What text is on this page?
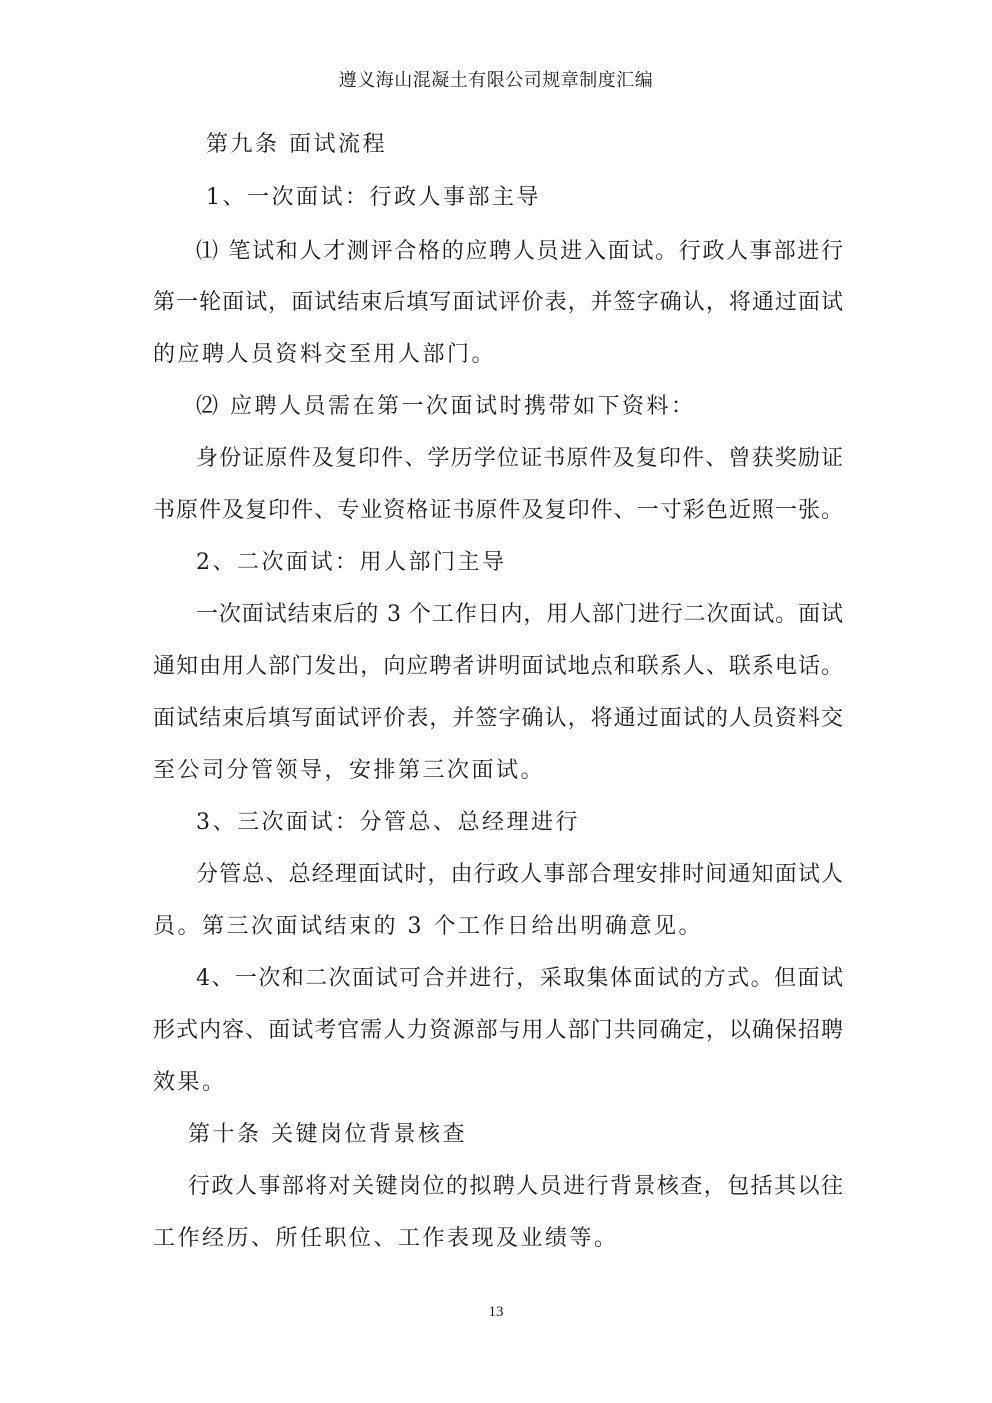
遵义海山混凝土有限公司规章制度汇编
第九条 面试流程
1、一次面试：行政人事部主导
⑴ 笔试和人才测评合格的应聘人员进入面试。行政人事部进行
第一轮面试，面试结束后填写面试评价表，并签字确认，将通过面试
的应聘人员资料交至用人部门。
⑵ 应聘人员需在第一次面试时携带如下资料：
身份证原件及复印件、学历学位证书原件及复印件、曾获奖励证
书原件及复印件、专业资格证书原件及复印件、一寸彩色近照一张。
2、二次面试：用人部门主导
一次面试结束后的 3 个工作日内，用人部门进行二次面试。面试
通知由用人部门发出，向应聘者讲明面试地点和联系人、联系电话。
面试结束后填写面试评价表，并签字确认，将通过面试的人员资料交
至公司分管领导，安排第三次面试。
3、三次面试：分管总、总经理进行
分管总、总经理面试时，由行政人事部合理安排时间通知面试人
员。第三次面试结束的 3 个工作日给出明确意见。
4、一次和二次面试可合并进行，采取集体面试的方式。但面试
形式内容、面试考官需人力资源部与用人部门共同确定，以确保招聘
效果。
第十条 关键岗位背景核查
行政人事部将对关键岗位的拟聘人员进行背景核查，包括其以往
工作经历、所任职位、工作表现及业绩等。
13
